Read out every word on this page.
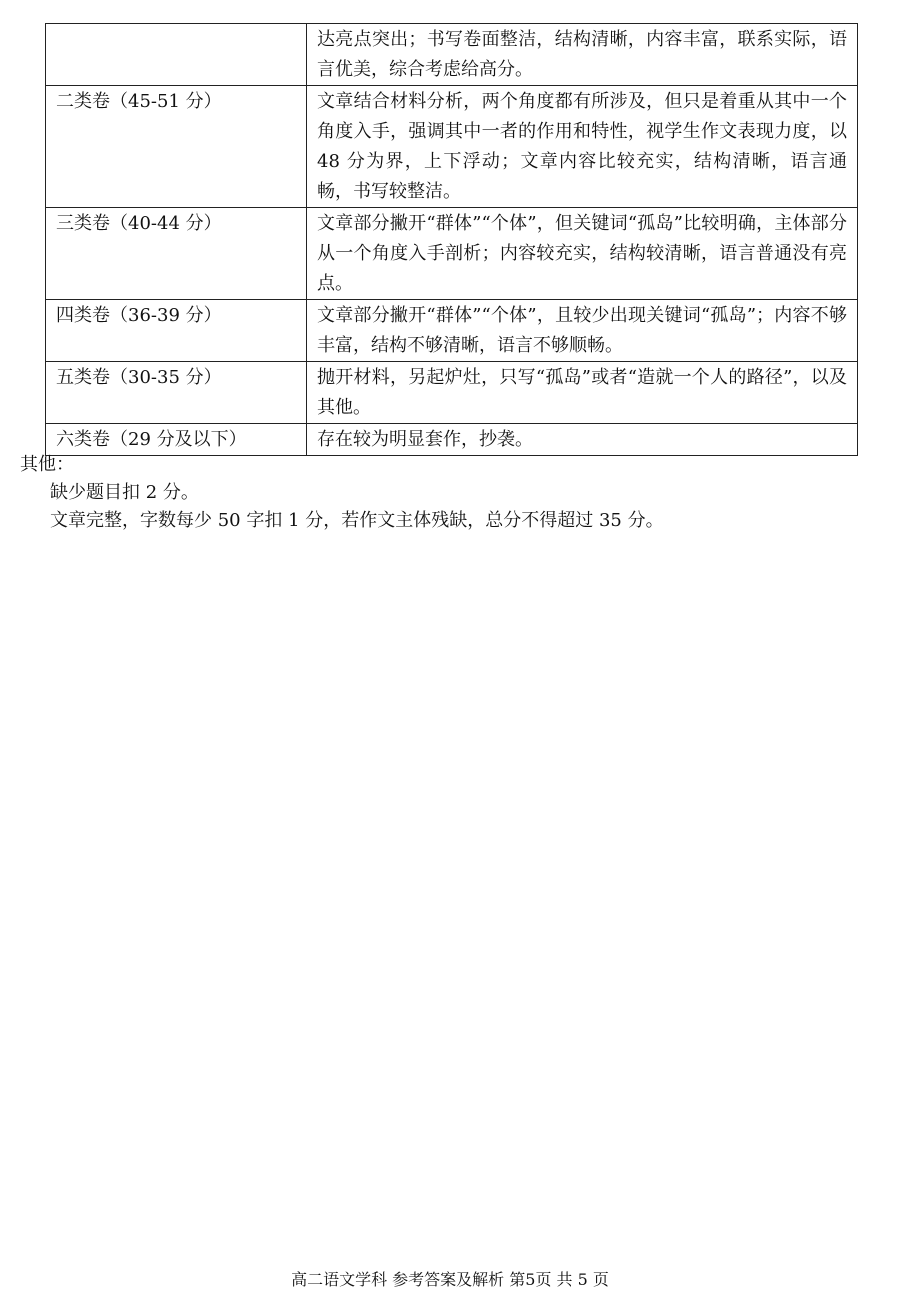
	达亮点突出；书写卷面整洁，结构清晰，内容丰富，联系实际，语言优美，综合考虑给高分。
二类卷（45-51 分）	文章结合材料分析，两个角度都有所涉及，但只是着重从其中一个角度入手，强调其中一者的作用和特性，视学生作文表现力度，以 48 分为界，上下浮动；文章内容比较充实，结构清晰，语言通畅，书写较整洁。
三类卷（40-44 分）	文章部分撇开“群体”“个体”，但关键词“孤岛”比较明确，主体部分从一个角度入手剖析；内容较充实，结构较清晰，语言普通没有亮点。
四类卷（36-39 分）	文章部分撇开“群体”“个体”，且较少出现关键词“孤岛”；内容不够丰富，结构不够清晰，语言不够顺畅。
五类卷（30-35 分）	抛开材料，另起炉灶，只写“孤岛”或者“造就一个人的路径”，以及其他。
六类卷（29 分及以下）	存在较为明显套作，抄袭。
其他：
缺少题目扣 2 分。
文章完整，字数每少 50 字扣 1 分，若作文主体残缺，总分不得超过 35 分。
高二语文学科 参考答案及解析 第5页 共 5 页
